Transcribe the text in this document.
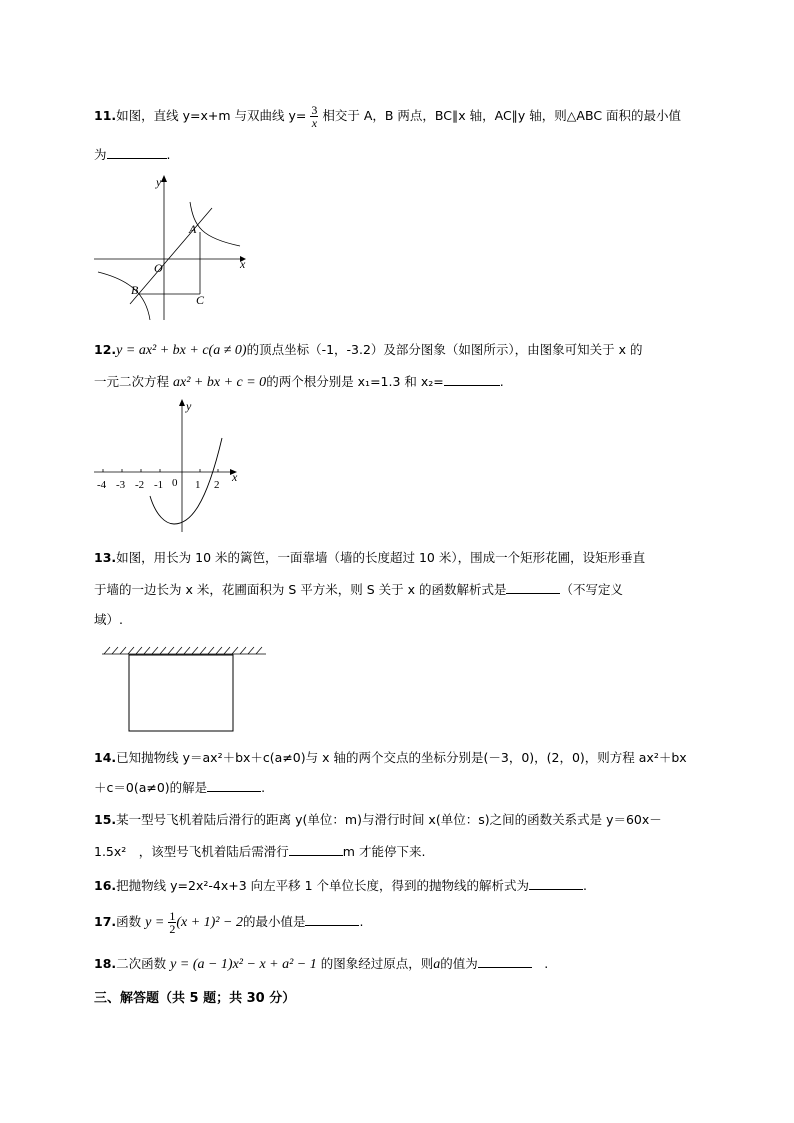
11.如图，直线 y=x+m 与双曲线 $y= \frac{3}{x}$ 相交于 A，B 两点，BC∥x 轴，AC∥y 轴，则△ABC 面积的最小值
为	.
y
x
O
A
B
C
12.y = ax² + bx + c(a ≠ 0)的顶点坐标（-1，-3.2）及部分图象（如图所示），由图象可知关于 x 的
一元二次方程 ax² + bx + c = 0的两个根分别是 x₁=1.3 和 x₂=	.
y
x
-4 -3 -2 -1 0 1 2
13.如图，用长为 10 米的篱笆，一面靠墙（墙的长度超过 10 米），围成一个矩形花圃，设矩形垂直
于墙的一边长为 x 米，花圃面积为 S 平方米，则 S 关于 x 的函数解析式是	（不写定义
域）.
14.已知抛物线 y＝ax²＋bx＋c(a≠0)与 x 轴的两个交点的坐标分别是(－3，0)，(2，0)，则方程 ax²＋bx
＋c＝0(a≠0)的解是	.
15.某一型号飞机着陆后滑行的距离 y(单位：m)与滑行时间 x(单位：s)之间的函数关系式是 y＝60x－
1.5x²　，该型号飞机着陆后需滑行	m 才能停下来.
16.把抛物线 y=2x²-4x+3 向左平移 1 个单位长度，得到的抛物线的解析式为	.
17.函数 $y = \frac{1}{2} (x + 1)^2 - 2$的最小值是	.
18.二次函数 y = (a − 1)x² − x + a² − 1 的图象经过原点，则a的值为　	.
三、解答题（共 5 题；共 30 分）
